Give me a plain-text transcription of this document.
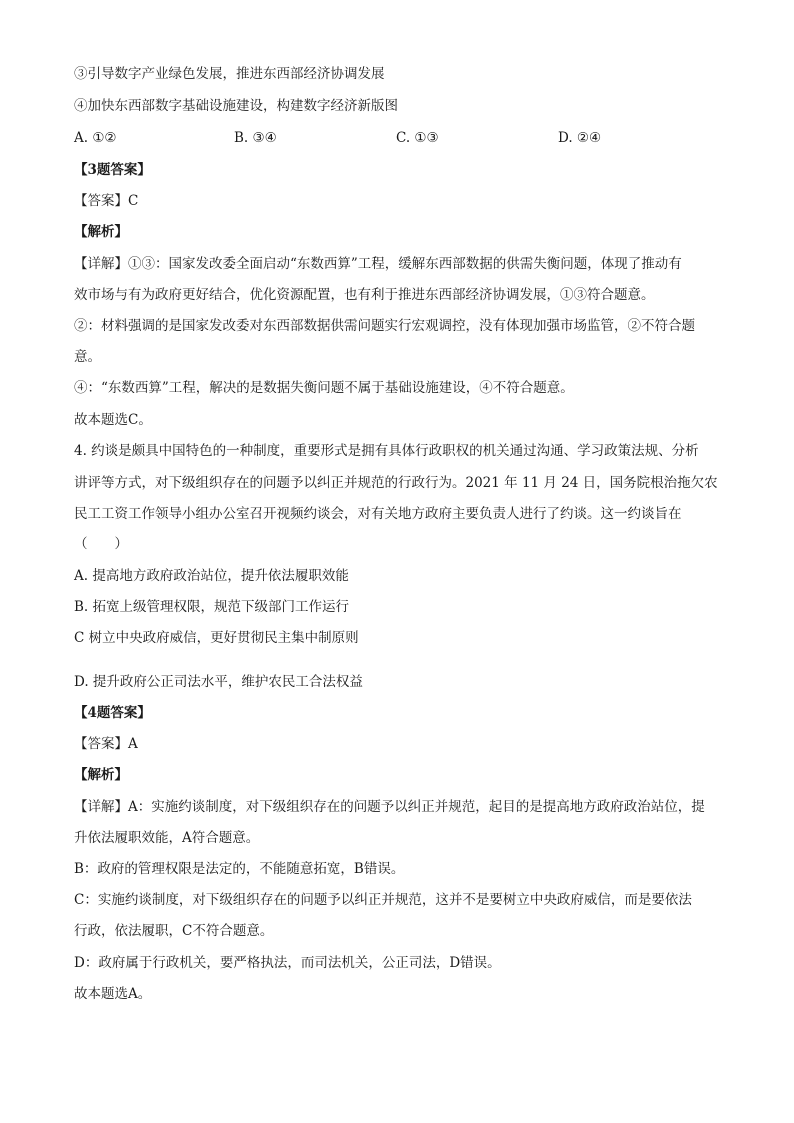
③引导数字产业绿色发展，推进东西部经济协调发展
④加快东西部数字基础设施建设，构建数字经济新版图
A. ①②	B. ③④	C. ①③	D. ②④
【3题答案】
【答案】C
【解析】
【详解】①③：国家发改委全面启动“东数西算”工程，缓解东西部数据的供需失衡问题，体现了推动有
效市场与有为政府更好结合，优化资源配置，也有利于推进东西部经济协调发展，①③符合题意。
②：材料强调的是国家发改委对东西部数据供需问题实行宏观调控，没有体现加强市场监管，②不符合题
意。
④：“东数西算”工程，解决的是数据失衡问题不属于基础设施建设，④不符合题意。
故本题选C。
4. 约谈是颇具中国特色的一种制度，重要形式是拥有具体行政职权的机关通过沟通、学习政策法规、分析
讲评等方式，对下级组织存在的问题予以纠正并规范的行政行为。2021 年 11 月 24 日，国务院根治拖欠农
民工工资工作领导小组办公室召开视频约谈会，对有关地方政府主要负责人进行了约谈。这一约谈旨在
（　　）
A. 提高地方政府政治站位，提升依法履职效能
B. 拓宽上级管理权限，规范下级部门工作运行
C 树立中央政府威信，更好贯彻民主集中制原则
D. 提升政府公正司法水平，维护农民工合法权益
【4题答案】
【答案】A
【解析】
【详解】A：实施约谈制度，对下级组织存在的问题予以纠正并规范，起目的是提高地方政府政治站位，提
升依法履职效能，A符合题意。
B：政府的管理权限是法定的，不能随意拓宽，B错误。
C：实施约谈制度，对下级组织存在的问题予以纠正并规范，这并不是要树立中央政府威信，而是要依法
行政，依法履职，C不符合题意。
D：政府属于行政机关，要严格执法，而司法机关，公正司法，D错误。
故本题选A。
